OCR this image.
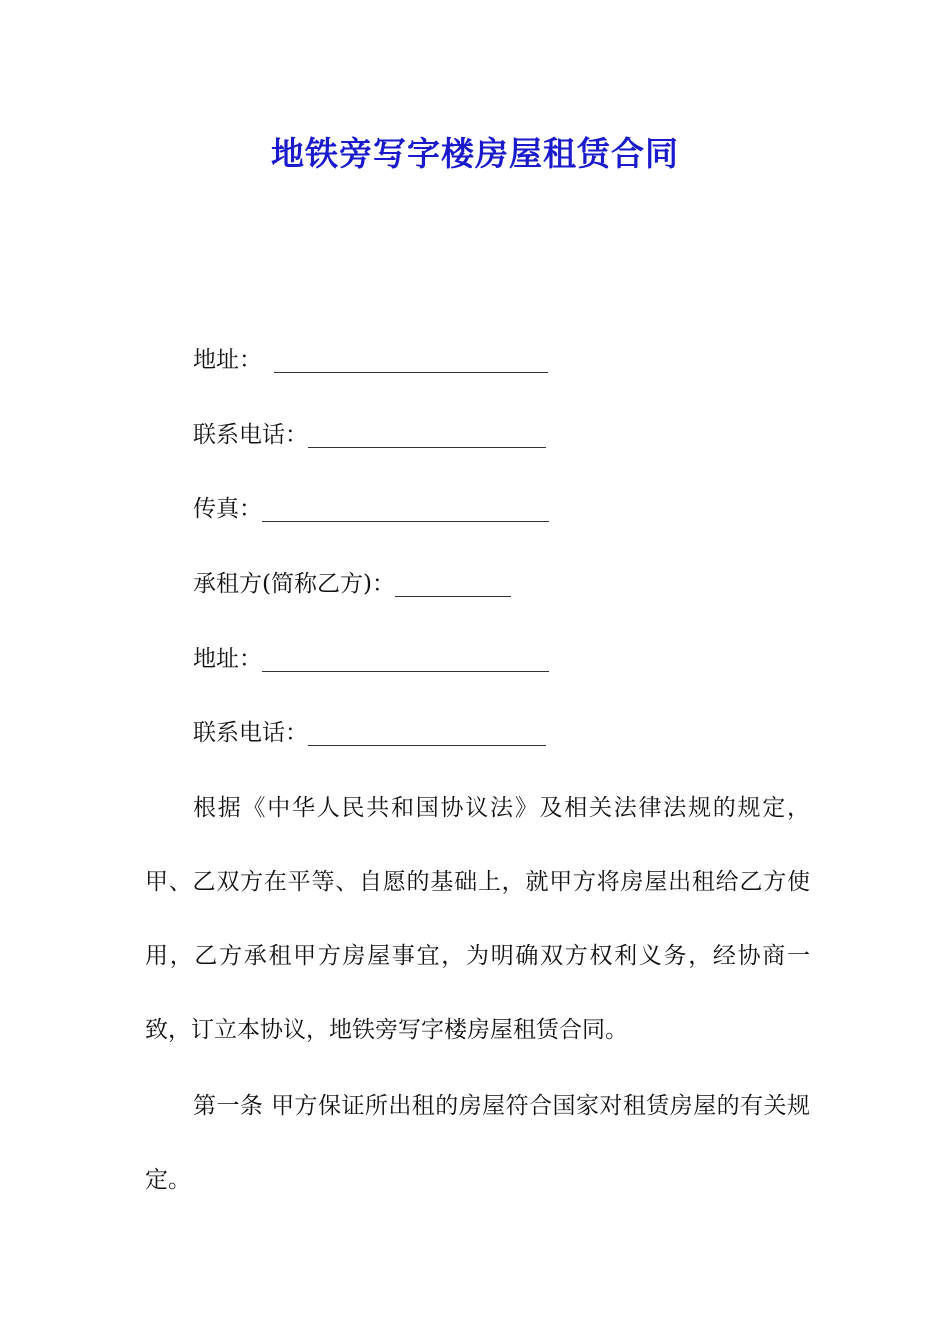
地铁旁写字楼房屋租赁合同
地址：
联系电话：
传真：
承租方(简称乙方)：
地址：
联系电话：

根据《中华人民共和国协议法》及相关法律法规的规定，甲、乙双方在平等、自愿的基础上，就甲方将房屋出租给乙方使用，乙方承租甲方房屋事宜，为明确双方权利义务，经协商一致，订立本协议，地铁旁写字楼房屋租赁合同。

第一条 甲方保证所出租的房屋符合国家对租赁房屋的有关规定。
